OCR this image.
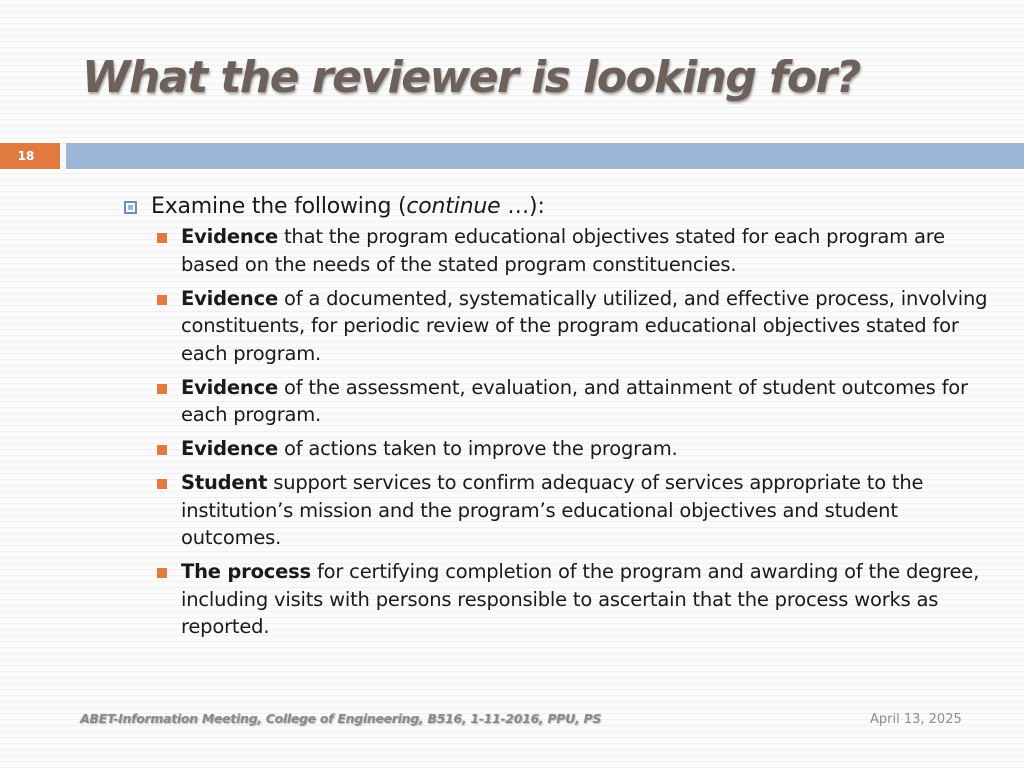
What the reviewer is looking for?
18
Examine the following (continue …):
Evidence that the program educational objectives stated for each program are based on the needs of the stated program constituencies.
Evidence of a documented, systematically utilized, and effective process, involving constituents, for periodic review of the program educational objectives stated for each program.
Evidence of the assessment, evaluation, and attainment of student outcomes for each program.
Evidence of actions taken to improve the program.
Student support services to confirm adequacy of services appropriate to the institution’s mission and the program’s educational objectives and student outcomes.
The process for certifying completion of the program and awarding of the degree, including visits with persons responsible to ascertain that the process works as reported.
ABET-Information Meeting, College of Engineering, B516, 1-11-2016, PPU, PS	April 13, 2025
